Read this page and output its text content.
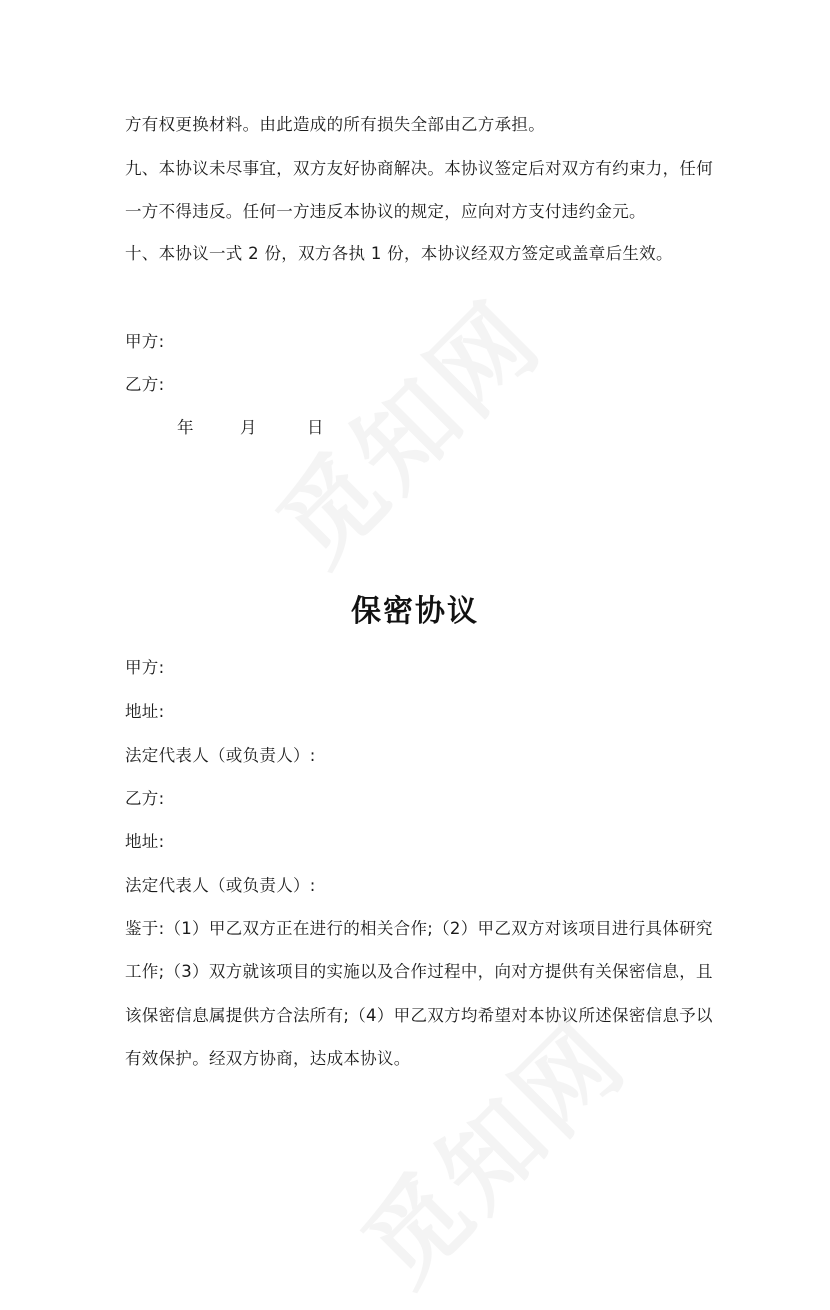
方有权更换材料。由此造成的所有损失全部由乙方承担。
九、本协议未尽事宜，双方友好协商解决。本协议签定后对双方有约束力，任何
一方不得违反。任何一方违反本协议的规定，应向对方支付违约金元。
十、本协议一式 2 份，双方各执 1 份，本协议经双方签定或盖章后生效。
甲方:
乙方:
年	月	日
保密协议
甲方:
地址:
法定代表人（或负责人）:
乙方:
地址:
法定代表人（或负责人）:
鉴于:（1）甲乙双方正在进行的相关合作;（2）甲乙双方对该项目进行具体研究
工作;（3）双方就该项目的实施以及合作过程中，向对方提供有关保密信息，且
该保密信息属提供方合法所有;（4）甲乙双方均希望对本协议所述保密信息予以
有效保护。经双方协商，达成本协议。
